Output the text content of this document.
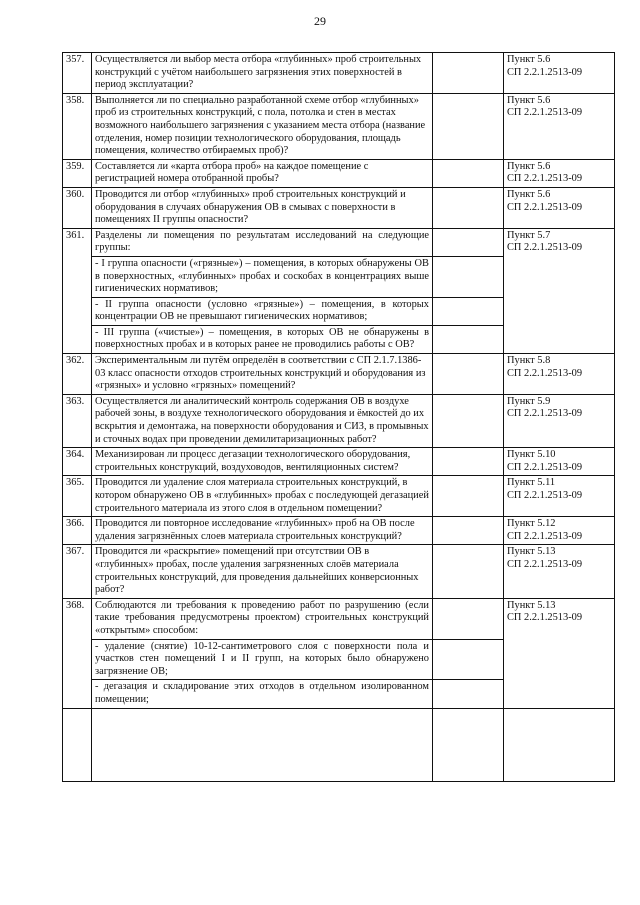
29
357.	Осуществляется ли выбор места отбора «глубинных» проб строительных конструкций с учётом наибольшего загрязнения этих поверхностей в период эксплуатации?		Пункт 5.6
СП 2.2.1.2513-09

358.	Выполняется ли по специально разработанной схеме отбор «глубинных» проб из строительных конструкций, с пола, потолка и стен в местах возможного наибольшего загрязнения с указанием места отбора (название отделения, номер позиции технологического оборудования, площадь помещения, количество отбираемых проб)?		Пункт 5.6
СП 2.2.1.2513-09

359.	Составляется ли «карта отбора проб» на каждое помещение с регистрацией номера отобранной пробы?		Пункт 5.6
СП 2.2.1.2513-09

360.	Проводится ли отбор «глубинных» проб строительных конструкций и оборудования в случаях обнаружения ОВ в смывах с поверхности в помещениях II группы опасности?		Пункт 5.6
СП 2.2.1.2513-09

361.	Разделены ли помещения по результатам исследований на следующие группы:		Пункт 5.7
СП 2.2.1.2513-09

	- I группа опасности («грязные») – помещения, в которых обнаружены ОВ в поверхностных, «глубинных» пробах и соскобах в концентрациях выше гигиенических нормативов;		
	- II группа опасности (условно «грязные») – помещения, в которых концентрации ОВ не превышают гигиенических нормативов;		
	- III группа («чистые») – помещения, в которых ОВ не обнаружены в поверхностных пробах и в которых ранее не проводились работы с ОВ?		
362.	Экспериментальным ли путём определён в соответствии с СП 2.1.7.1386-03 класс опасности отходов строительных конструкций и оборудования из «грязных» и условно «грязных» помещений?		Пункт 5.8
СП 2.2.1.2513-09

363.	Осуществляется ли аналитический контроль содержания ОВ в воздухе рабочей зоны, в воздухе технологического оборудования и ёмкостей до их вскрытия и демонтажа, на поверхности оборудования и СИЗ, в промывных и сточных водах при проведении демилитаризационных работ?		Пункт 5.9
СП 2.2.1.2513-09

364.	Механизирован ли процесс дегазации технологического оборудования, строительных конструкций, воздуховодов, вентиляционных систем?		Пункт 5.10
СП 2.2.1.2513-09

365.	Проводится ли удаление слоя материала строительных конструкций, в котором обнаружено ОВ в «глубинных» пробах с последующей дегазацией строительного материала из этого слоя в отдельном помещении?		Пункт 5.11
СП 2.2.1.2513-09

366.	Проводится ли повторное исследование «глубинных» проб на ОВ после удаления загрязнённых слоев материала строительных конструкций?		Пункт 5.12
СП 2.2.1.2513-09

367.	Проводится ли «раскрытие» помещений при отсутствии ОВ в «глубинных» пробах, после удаления загрязненных слоёв материала строительных конструкций, для проведения дальнейших конверсионных работ?		Пункт 5.13
СП 2.2.1.2513-09

368.	Соблюдаются ли требования к проведению работ по разрушению (если такие требования предусмотрены проектом) строительных конструкций «открытым» способом:		Пункт 5.13
СП 2.2.1.2513-09

	- удаление (снятие) 10-12-сантиметрового слоя с поверхности пола и участков стен помещений I и II групп, на которых было обнаружено загрязнение ОВ;		
	- дегазация и складирование этих отходов в отдельном изолированном помещении;		
